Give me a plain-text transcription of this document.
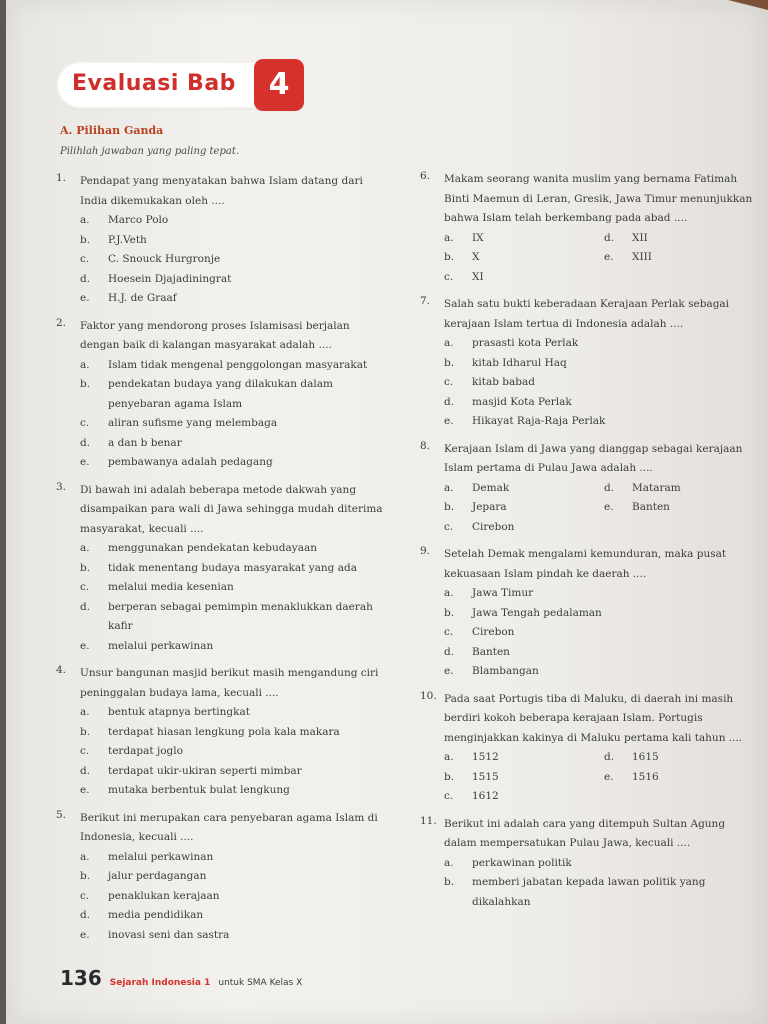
Evaluasi Bab	4
A. Pilihan Ganda
Pilihlah jawaban yang paling tepat.
1.	Pendapat yang menyatakan bahwa Islam datang dari India dikemukakan oleh ....
a. Marco Polo
b. P.J.Veth
c. C. Snouck Hurgronje
d. Hoesein Djajadiningrat
e. H.J. de Graaf
2.	Faktor yang mendorong proses Islamisasi berjalan dengan baik di kalangan masyarakat adalah ....
a. Islam tidak mengenal penggolongan masyarakat
b. pendekatan budaya yang dilakukan dalam penyebaran agama Islam
c. aliran sufisme yang melembaga
d. a dan b benar
e. pembawanya adalah pedagang
3.	Di bawah ini adalah beberapa metode dakwah yang disampaikan para wali di Jawa sehingga mudah diterima masyarakat, kecuali ....
a. menggunakan pendekatan kebudayaan
b. tidak menentang budaya masyarakat yang ada
c. melalui media kesenian
d. berperan sebagai pemimpin menaklukkan daerah kafir
e. melalui perkawinan
4.	Unsur bangunan masjid berikut masih mengandung ciri peninggalan budaya lama, kecuali ....
a. bentuk atapnya bertingkat
b. terdapat hiasan lengkung pola kala makara
c. terdapat joglo
d. terdapat ukir-ukiran seperti mimbar
e. mutaka berbentuk bulat lengkung
5.	Berikut ini merupakan cara penyebaran agama Islam di Indonesia, kecuali ....
a. melalui perkawinan
b. jalur perdagangan
c. penaklukan kerajaan
d. media pendidikan
e. inovasi seni dan sastra
6.	Makam seorang wanita muslim yang bernama Fatimah Binti Maemun di Leran, Gresik, Jawa Timur menunjukkan bahwa Islam telah berkembang pada abad ....
a. IX	d. XII
b. X	e. XIII
c. XI
7.	Salah satu bukti keberadaan Kerajaan Perlak sebagai kerajaan Islam tertua di Indonesia adalah ....
a. prasasti kota Perlak
b. kitab Idharul Haq
c. kitab babad
d. masjid Kota Perlak
e. Hikayat Raja-Raja Perlak
8.	Kerajaan Islam di Jawa yang dianggap sebagai kerajaan Islam pertama di Pulau Jawa adalah ....
a. Demak	d. Mataram
b. Jepara	e. Banten
c. Cirebon
9.	Setelah Demak mengalami kemunduran, maka pusat kekuasaan Islam pindah ke daerah ....
a. Jawa Timur
b. Jawa Tengah pedalaman
c. Cirebon
d. Banten
e. Blambangan
10. Pada saat Portugis tiba di Maluku, di daerah ini masih berdiri kokoh beberapa kerajaan Islam. Portugis menginjakkan kakinya di Maluku pertama kali tahun ....
a. 1512	d. 1615
b. 1515	e. 1516
c. 1612
11. Berikut ini adalah cara yang ditempuh Sultan Agung dalam mempersatukan Pulau Jawa, kecuali ....
a. perkawinan politik
b. memberi jabatan kepada lawan politik yang dikalahkan
136 Sejarah Indonesia 1 untuk SMA Kelas X
